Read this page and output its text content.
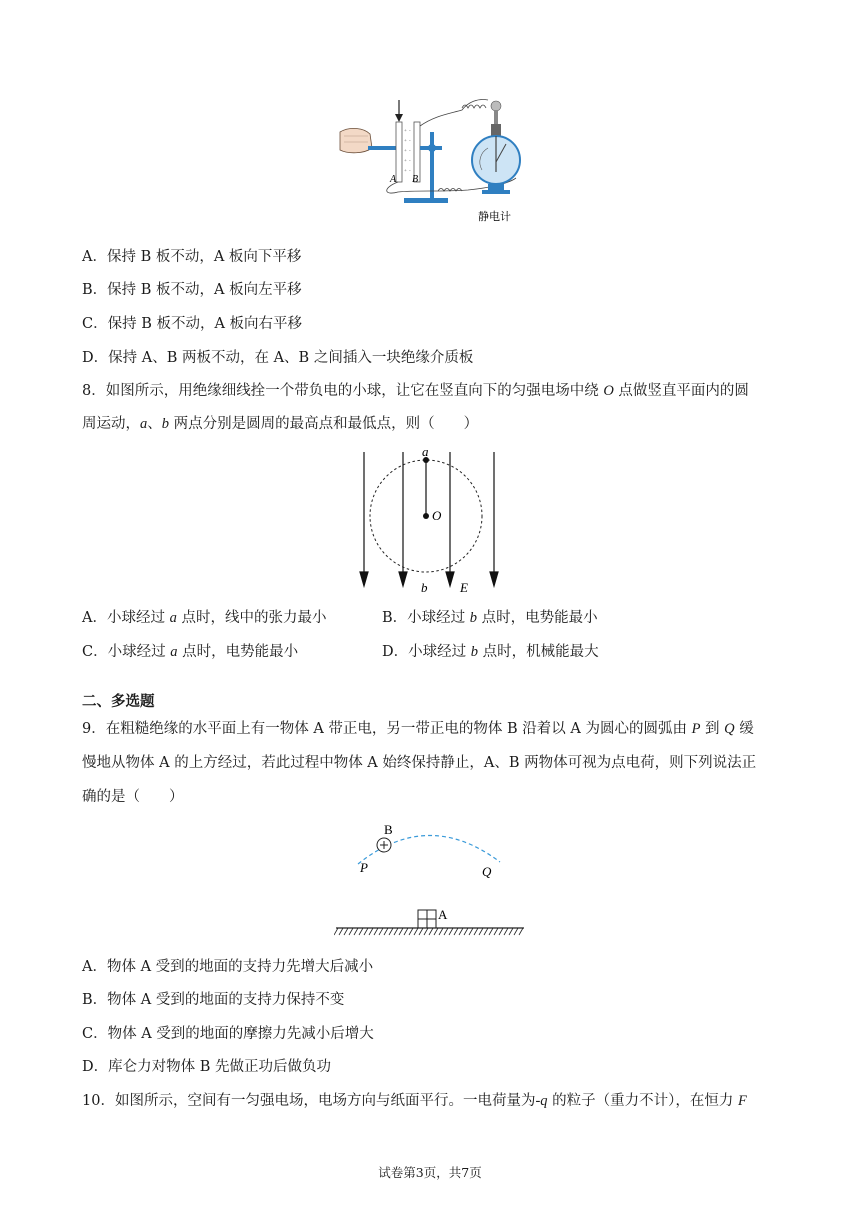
+
+
+
+
+
-
-
-
-
-
A B
静电计
A．保持 B 板不动，A 板向下平移
B．保持 B 板不动，A 板向左平移
C．保持 B 板不动，A 板向右平移
D．保持 A、B 两板不动，在 A、B 之间插入一块绝缘介质板
8．如图所示，用绝缘细线拴一个带负电的小球，让它在竖直向下的匀强电场中绕 O 点做竖直平面内的圆
周运动，a、b 两点分别是圆周的最高点和最低点，则（　　）
a
O
b	E
A．小球经过 a 点时，线中的张力最小	B．小球经过 b 点时，电势能最小
C．小球经过 a 点时，电势能最小	D．小球经过 b 点时，机械能最大
二、多选题
9．在粗糙绝缘的水平面上有一物体 A 带正电，另一带正电的物体 B 沿着以 A 为圆心的圆弧由 P 到 Q 缓
慢地从物体 A 的上方经过，若此过程中物体 A 始终保持静止，A、B 两物体可视为点电荷，则下列说法正
确的是（　　）
B
P	Q
A
A．物体 A 受到的地面的支持力先增大后减小
B．物体 A 受到的地面的支持力保持不变
C．物体 A 受到的地面的摩擦力先减小后增大
D．库仑力对物体 B 先做正功后做负功
10．如图所示，空间有一匀强电场，电场方向与纸面平行。一电荷量为-q 的粒子（重力不计），在恒力 F
试卷第3页，共7页
